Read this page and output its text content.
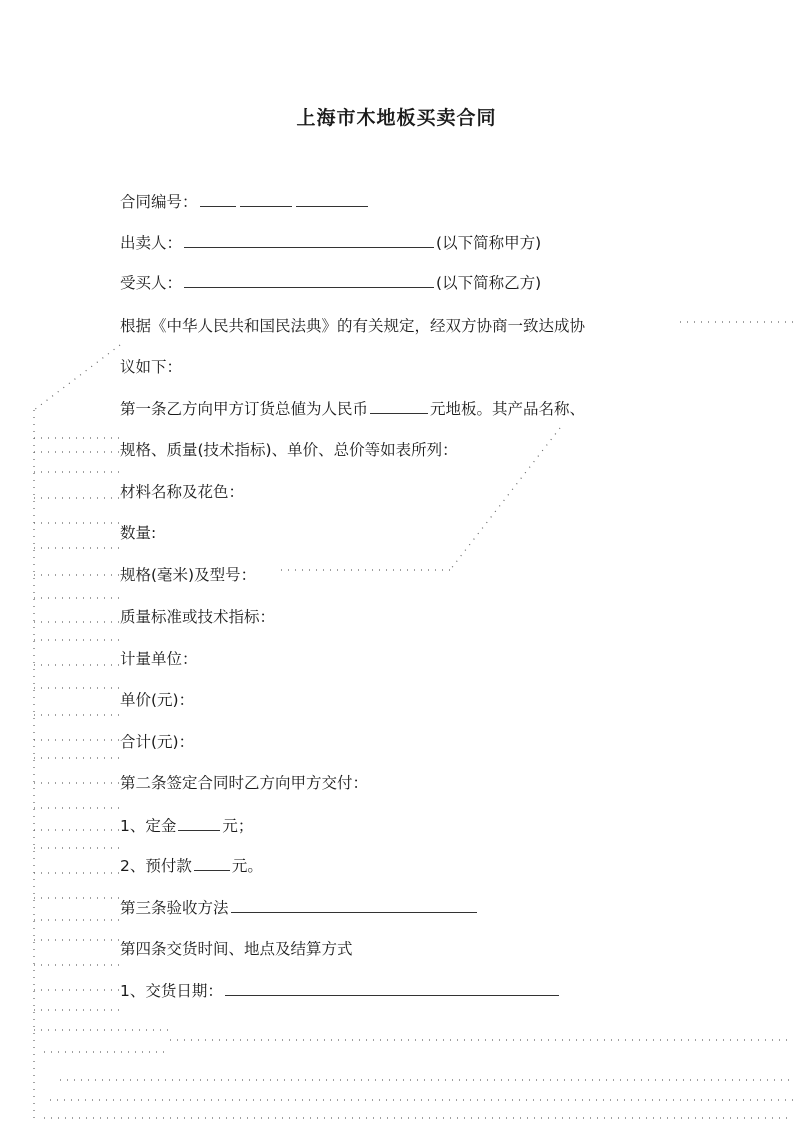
上海市木地板买卖合同
合同编号：
出卖人：	(以下简称甲方)
受买人：	(以下简称乙方)
根据《中华人民共和国民法典》的有关规定，经双方协商一致达成协
议如下：
第一条乙方向甲方订货总値为人民币	元地板。其产品名称、
规格、质量(技术指标)、单价、总价等如表所列：
材料名称及花色：
数量:
规格(毫米)及型号：
质量标准或技术指标：
计量单位：
单价(元)：
合计(元)：
第二条签定合同时乙方向甲方交付：
1、定金	元；
2、预付款	元。
第三条验收方法
第四条交货时间、地点及结算方式
1、交货日期：
